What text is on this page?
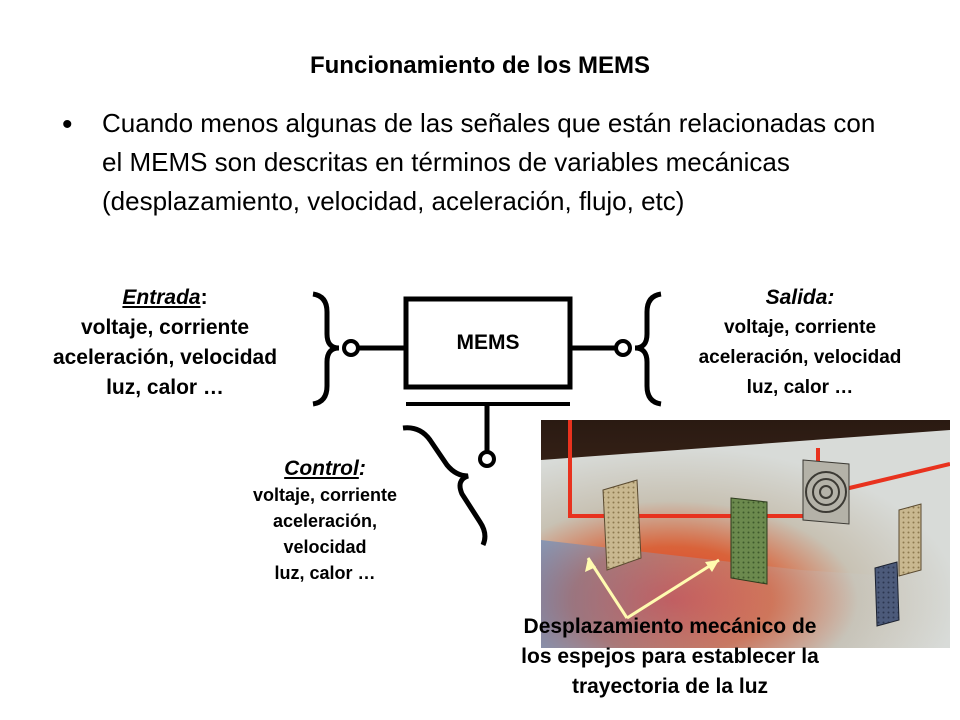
Funcionamiento de los MEMS
• Cuando menos algunas de las señales que están relacionadas con el MEMS son descritas en términos de variables mecánicas (desplazamiento, velocidad, aceleración, flujo, etc)
MEMS
Entrada:
voltaje, corriente
aceleración, velocidad
luz, calor …
Salida:
voltaje, corriente
aceleración, velocidad
luz, calor …
Control:
voltaje, corriente
aceleración,
velocidad
luz, calor …
Desplazamiento mecánico de
los espejos para establecer la
trayectoria de la luz
